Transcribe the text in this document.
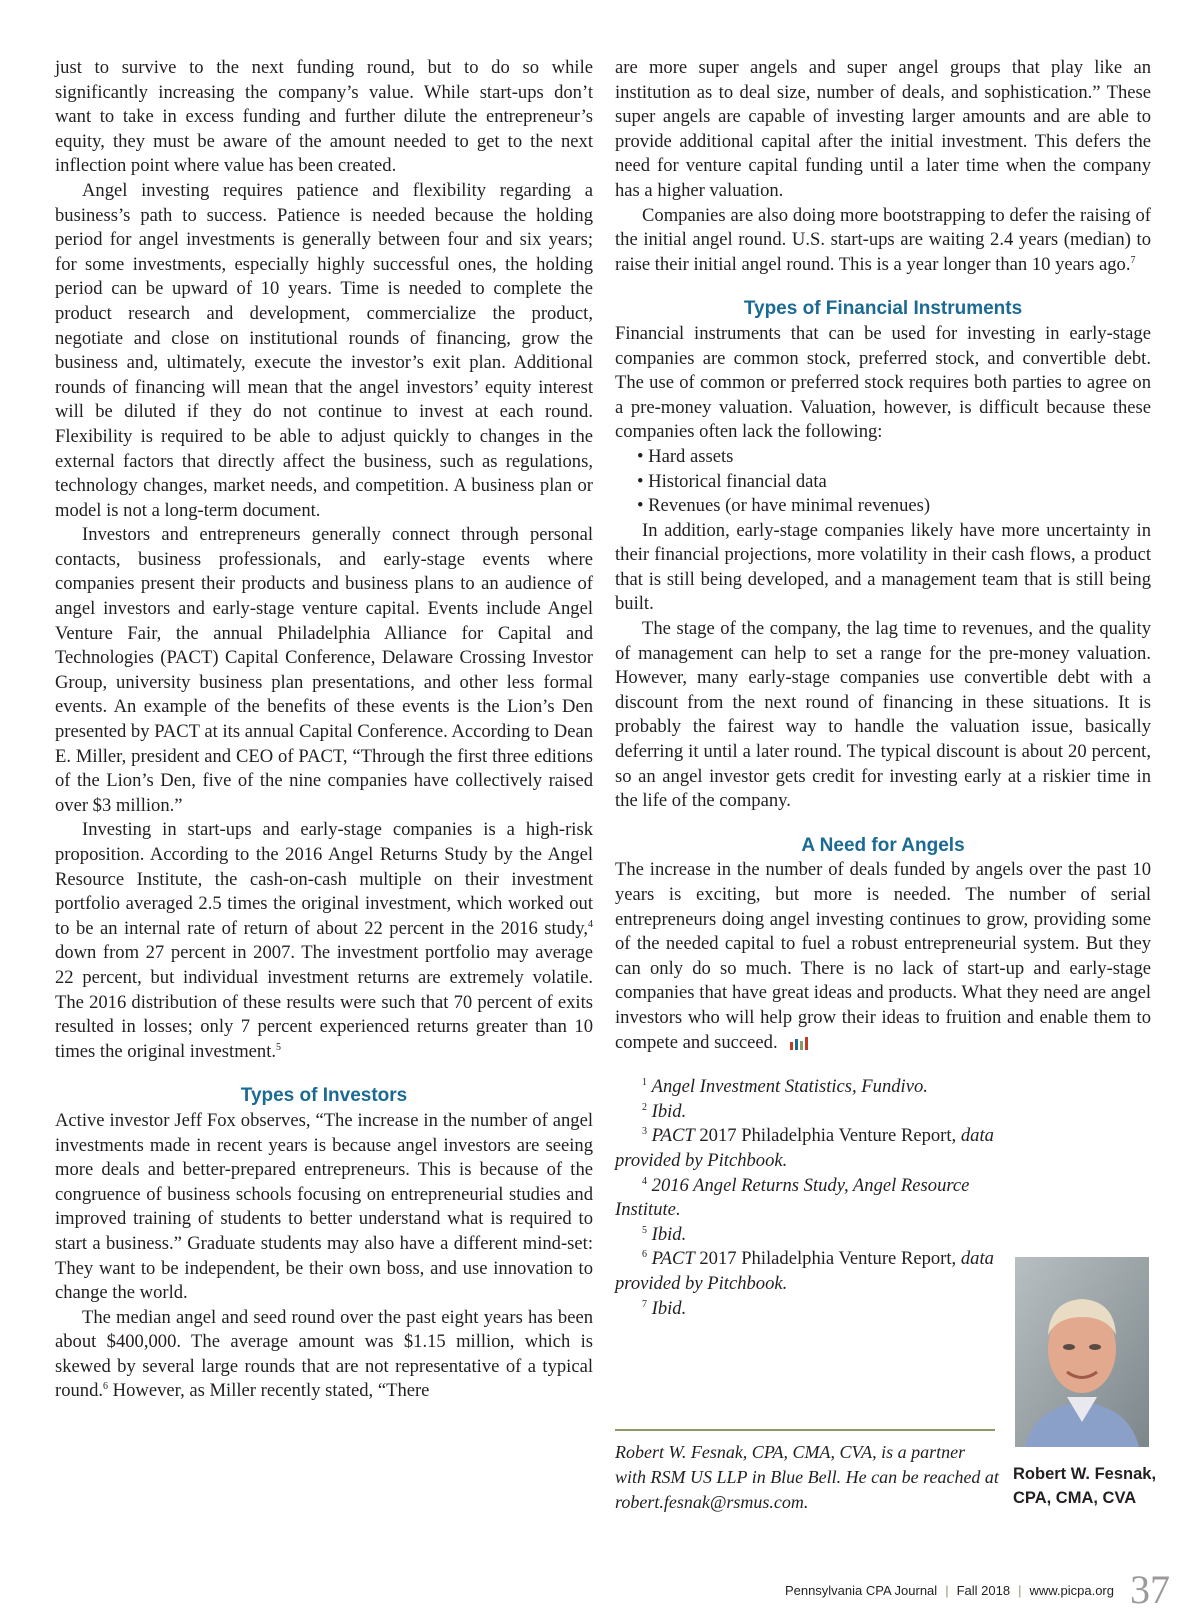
just to survive to the next funding round, but to do so while significantly increasing the company’s value. While start-ups don’t want to take in excess funding and further dilute the entrepreneur’s equity, they must be aware of the amount needed to get to the next inflection point where value has been created.

Angel investing requires patience and flexibility regarding a business’s path to success. Patience is needed because the holding period for angel investments is generally between four and six years; for some investments, especially highly successful ones, the holding period can be upward of 10 years. Time is needed to complete the product research and development, commercialize the product, negotiate and close on institutional rounds of financing, grow the business and, ultimately, execute the investor’s exit plan. Additional rounds of financing will mean that the angel investors’ equity interest will be diluted if they do not continue to invest at each round. Flexibility is required to be able to adjust quickly to changes in the external factors that directly affect the business, such as regulations, technology changes, market needs, and competition. A business plan or model is not a long-term document.

Investors and entrepreneurs generally connect through personal contacts, business professionals, and early-stage events where companies present their products and business plans to an audience of angel investors and early-stage venture capital. Events include Angel Venture Fair, the annual Philadelphia Alliance for Capital and Technologies (PACT) Capital Conference, Delaware Crossing Investor Group, university business plan presentations, and other less formal events. An example of the benefits of these events is the Lion’s Den presented by PACT at its annual Capital Conference. According to Dean E. Miller, president and CEO of PACT, “Through the first three editions of the Lion’s Den, five of the nine companies have collectively raised over $3 million.”

Investing in start-ups and early-stage companies is a high-risk proposition. According to the 2016 Angel Returns Study by the Angel Resource Institute, the cash-on-cash multiple on their investment portfolio averaged 2.5 times the original investment, which worked out to be an internal rate of return of about 22 percent in the 2016 study,$^4$ down from 27 percent in 2007. The investment portfolio may average 22 percent, but individual investment returns are extremely volatile. The 2016 distribution of these results were such that 70 percent of exits resulted in losses; only 7 percent experienced returns greater than 10 times the original investment.$^5$

Types of Investors

Active investor Jeff Fox observes, “The increase in the number of angel investments made in recent years is because angel investors are seeing more deals and better-prepared entrepreneurs. This is because of the congruence of business schools focusing on entrepreneurial studies and improved training of students to better understand what is required to start a business.” Graduate students may also have a different mind-set: They want to be independent, be their own boss, and use innovation to change the world.

The median angel and seed round over the past eight years has been about $400,000. The average amount was $1.15 million, which is skewed by several large rounds that are not representative of a typical round.$^6$ However, as Miller recently stated, “There

are more super angels and super angel groups that play like an institution as to deal size, number of deals, and sophistication.” These super angels are capable of investing larger amounts and are able to provide additional capital after the initial investment. This defers the need for venture capital funding until a later time when the company has a higher valuation.

Companies are also doing more bootstrapping to defer the raising of the initial angel round. U.S. start-ups are waiting 2.4 years (median) to raise their initial angel round. This is a year longer than 10 years ago.$^7$

Types of Financial Instruments

Financial instruments that can be used for investing in early-stage companies are common stock, preferred stock, and convertible debt. The use of common or preferred stock requires both parties to agree on a pre-money valuation. Valuation, however, is difficult because these companies often lack the following:

• Hard assets
• Historical financial data
• Revenues (or have minimal revenues)

In addition, early-stage companies likely have more uncertainty in their financial projections, more volatility in their cash flows, a product that is still being developed, and a management team that is still being built.

The stage of the company, the lag time to revenues, and the quality of management can help to set a range for the pre-money valuation. However, many early-stage companies use convertible debt with a discount from the next round of financing in these situations. It is probably the fairest way to handle the valuation issue, basically deferring it until a later round. The typical discount is about 20 percent, so an angel investor gets credit for investing early at a riskier time in the life of the company.

A Need for Angels

The increase in the number of deals funded by angels over the past 10 years is exciting, but more is needed. The number of serial entrepreneurs doing angel investing continues to grow, providing some of the needed capital to fuel a robust entrepreneurial system. But they can only do so much. There is no lack of start-up and early-stage companies that have great ideas and products. What they need are angel investors who will help grow their ideas to fruition and enable them to compete and succeed.

$^1$ Angel Investment Statistics, Fundivo.

$^2$ Ibid.

$^3$ PACT 2017 Philadelphia Venture Report, data provided by Pitchbook.

$^4$ 2016 Angel Returns Study, Angel Resource Institute.

$^5$ Ibid.

$^6$ PACT 2017 Philadelphia Venture Report, data provided by Pitchbook.

$^7$ Ibid.

Robert W. Fesnak, CPA, CMA, CVA, is a partner with RSM US LLP in Blue Bell. He can be reached at robert.fesnak@rsmus.com.
Robert W. Fesnak,
CPA, CMA, CVA
Pennsylvania CPA Journal | Fall 2018 | www.picpa.org 37
